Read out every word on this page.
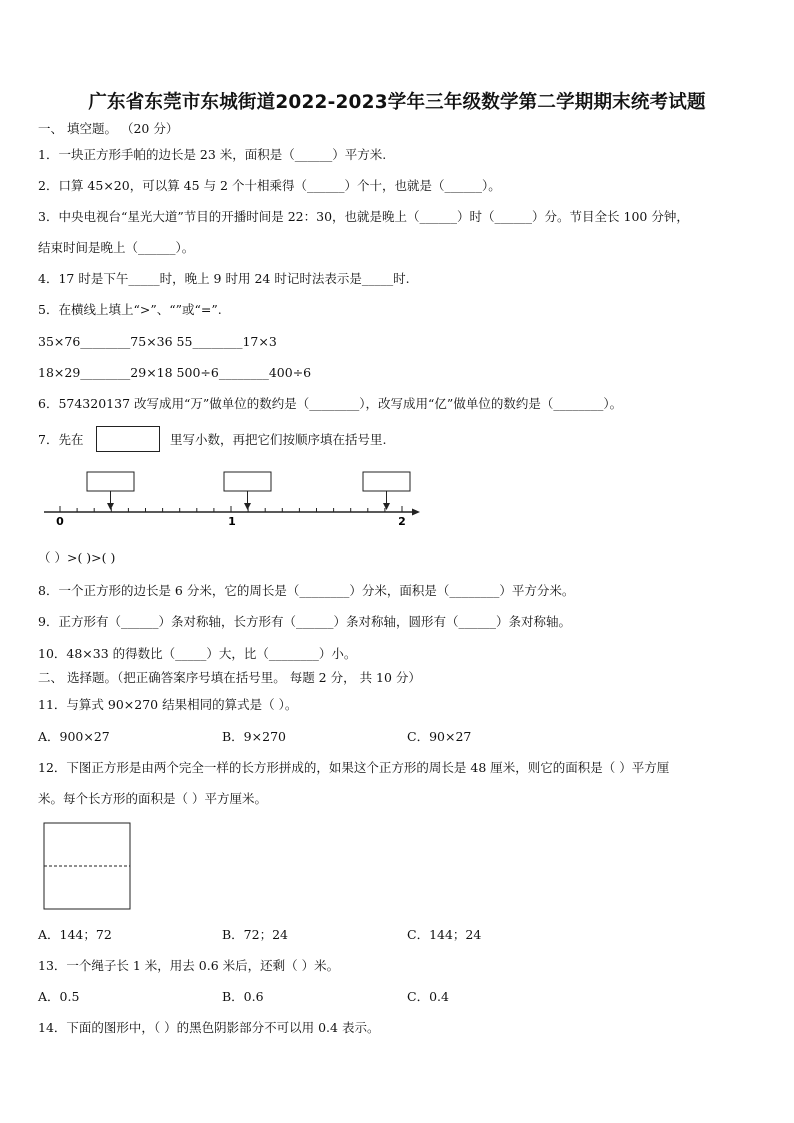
广东省东莞市东城街道2022-2023学年三年级数学第二学期期末统考试题
一、 填空题。 （20 分）
1．一块正方形手帕的边长是 23 米，面积是（______）平方米.
2．口算 45×20，可以算 45 与 2 个十相乘得（______）个十，也就是（______）。
3．中央电视台“星光大道”节目的开播时间是 22：30，也就是晚上（______）时（______）分。节目全长 100 分钟，
结束时间是晚上（______）。
4．17 时是下午_____时，晚上 9 时用 24 时记时法表示是_____时.
5．在横线上填上“>”、“”或“=”.
35×76________75×36 55________17×3
18×29________29×18 500÷6________400÷6
6．574320137 改写成用“万”做单位的数约是（________），改写成用“亿”做单位的数约是（________）。
7．先在	里写小数，再把它们按顺序填在括号里.
0	1	2
（ ）>( )>( )
8．一个正方形的边长是 6 分米，它的周长是（________）分米，面积是（________）平方分米。
9．正方形有（______）条对称轴，长方形有（______）条对称轴，圆形有（______）条对称轴。
10．48×33 的得数比（_____）大，比（________）小。
二、 选择题。（把正确答案序号填在括号里。 每题 2 分， 共 10 分）
11．与算式 90×270 结果相同的算式是（ ）。
A．900×27	B．9×270	C．90×27
12．下图正方形是由两个完全一样的长方形拼成的，如果这个正方形的周长是 48 厘米，则它的面积是（ ）平方厘
米。每个长方形的面积是（ ）平方厘米。
A．144；72	B．72；24	C．144；24
13．一个绳子长 1 米，用去 0.6 米后，还剩（ ）米。
A．0.5	B．0.6	C．0.4
14．下面的图形中，（ ）的黑色阴影部分不可以用 0.4 表示。
